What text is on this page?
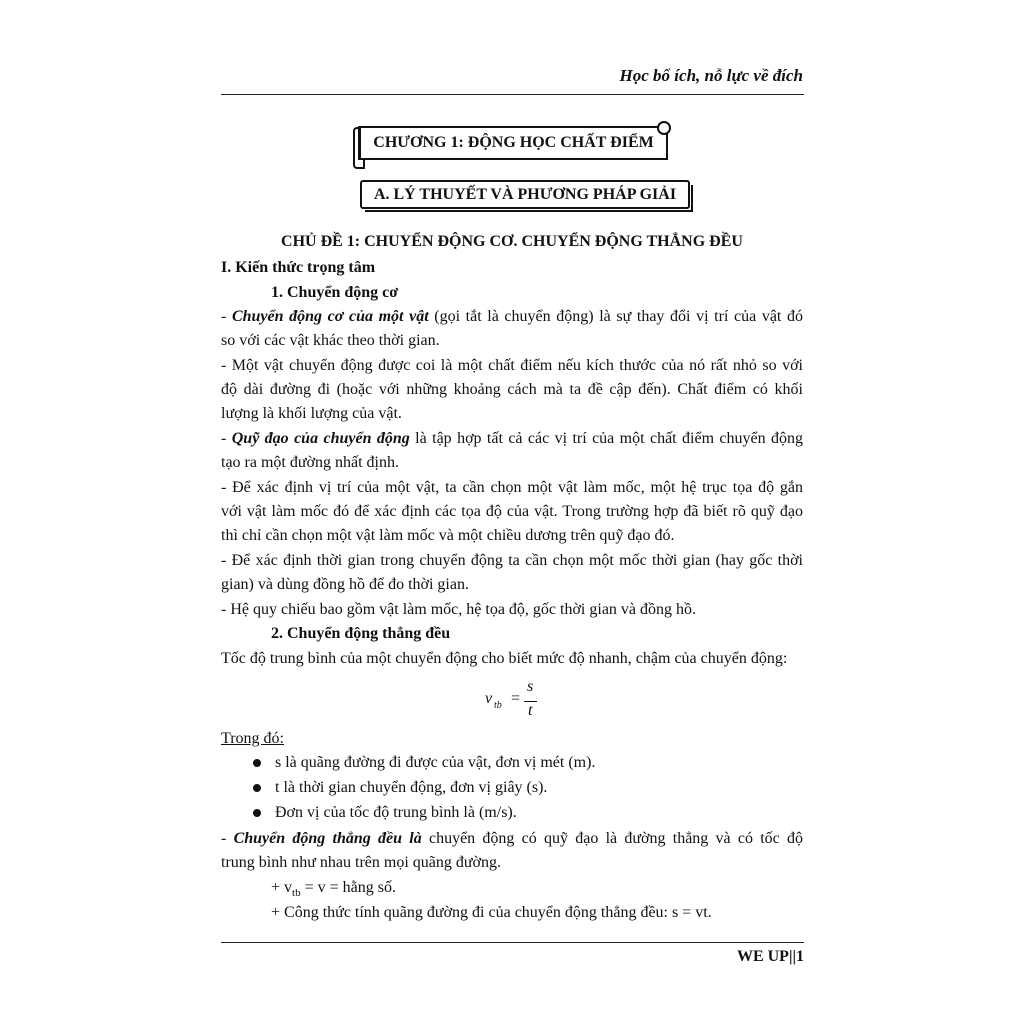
Học bổ ích, nỗ lực về đích
CHƯƠNG 1: ĐỘNG HỌC CHẤT ĐIỂM
A. LÝ THUYẾT VÀ PHƯƠNG PHÁP GIẢI
CHỦ ĐỀ 1: CHUYỂN ĐỘNG CƠ. CHUYỂN ĐỘNG THẲNG ĐỀU
I. Kiến thức trọng tâm
1. Chuyển động cơ
- Chuyển động cơ của một vật (gọi tắt là chuyển động) là sự thay đổi vị trí của vật đó
so với các vật khác theo thời gian.
- Một vật chuyển động được coi là một chất điểm nếu kích thước của nó rất nhỏ so với
độ dài đường đi (hoặc với những khoảng cách mà ta đề cập đến). Chất điểm có khối
lượng là khối lượng của vật.
- Quỹ đạo của chuyển động là tập hợp tất cả các vị trí của một chất điểm chuyển động
tạo ra một đường nhất định.
- Để xác định vị trí của một vật, ta cần chọn một vật làm mốc, một hệ trục tọa độ gắn
với vật làm mốc đó để xác định các tọa độ của vật. Trong trường hợp đã biết rõ quỹ đạo
thì chỉ cần chọn một vật làm mốc và một chiều dương trên quỹ đạo đó.
- Để xác định thời gian trong chuyển động ta cần chọn một mốc thời gian (hay gốc thời
gian) và dùng đồng hồ để đo thời gian.
- Hệ quy chiếu bao gồm vật làm mốc, hệ tọa độ, gốc thời gian và đồng hồ.
2. Chuyển động thẳng đều
Tốc độ trung bình của một chuyển động cho biết mức độ nhanh, chậm của chuyển động:
v tb =
s
t
Trong đó:
s là quãng đường đi được của vật, đơn vị mét (m).
t là thời gian chuyển động, đơn vị giây (s).
Đơn vị của tốc độ trung bình là (m/s).
- Chuyển động thẳng đều là chuyển động có quỹ đạo là đường thẳng và có tốc độ
trung bình như nhau trên mọi quãng đường.
+ $v_{tb} = v$ = hằng số.
+ Công thức tính quãng đường đi của chuyển động thẳng đều: s = vt.
WE UP||1
